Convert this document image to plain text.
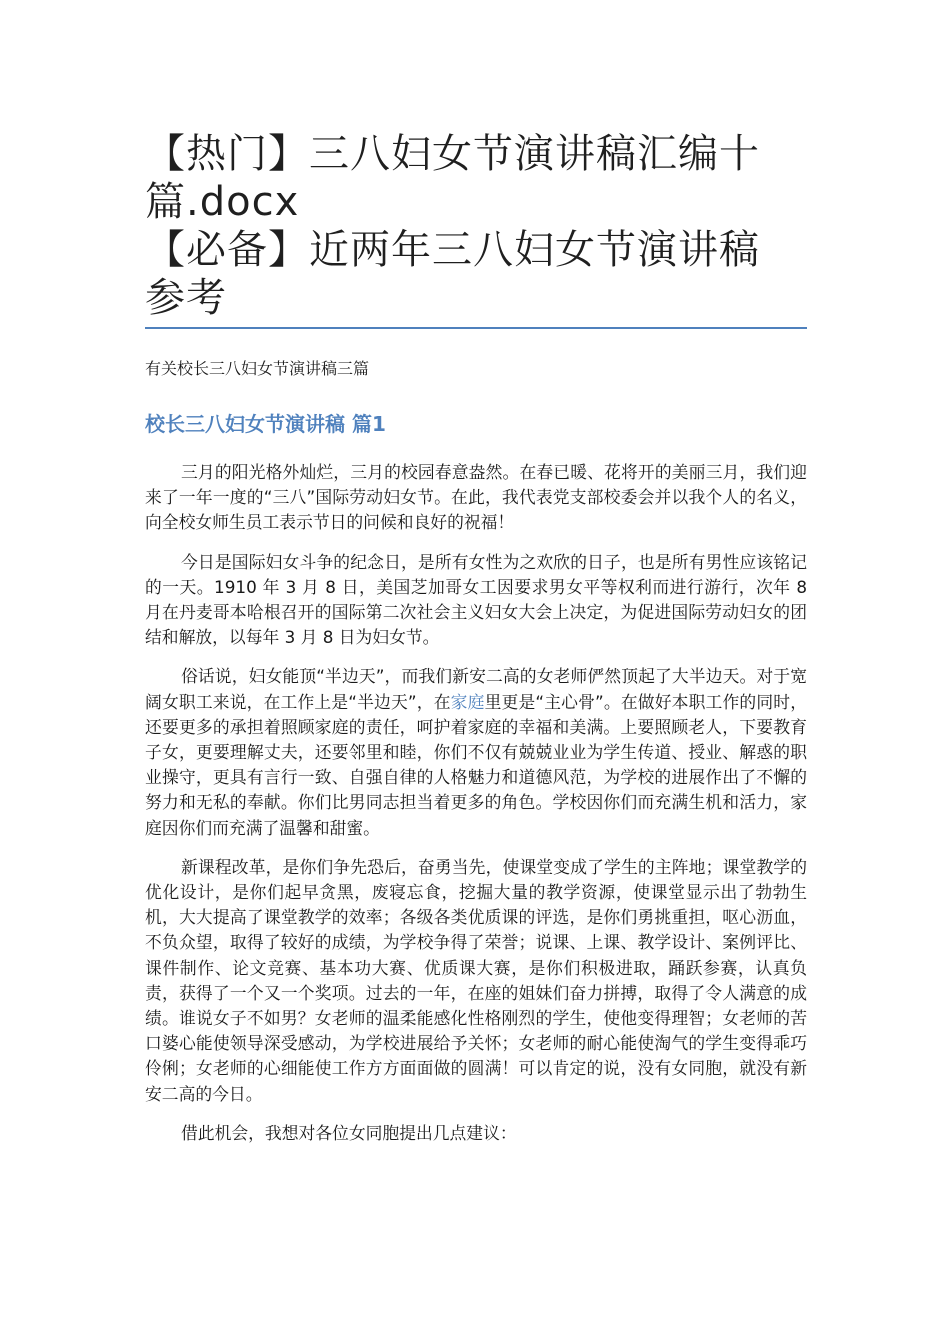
【热门】三八妇女节演讲稿汇编十
篇.docx
【必备】近两年三八妇女节演讲稿
参考
有关校长三八妇女节演讲稿三篇
校长三八妇女节演讲稿 篇1

三月的阳光格外灿烂，三月的校园春意盎然。在春已暖、花将开的美丽三月，我们迎来了一年一度的“三八”国际劳动妇女节。在此，我代表党支部校委会并以我个人的名义，向全校女师生员工表示节日的问候和良好的祝福！

今日是国际妇女斗争的纪念日，是所有女性为之欢欣的日子，也是所有男性应该铭记的一天。1910 年 3 月 8 日，美国芝加哥女工因要求男女平等权利而进行游行，次年 8 月在丹麦哥本哈根召开的国际第二次社会主义妇女大会上决定，为促进国际劳动妇女的团结和解放，以每年 3 月 8 日为妇女节。

俗话说，妇女能顶“半边天”，而我们新安二高的女老师俨然顶起了大半边天。对于宽阔女职工来说，在工作上是“半边天”，在家庭里更是“主心骨”。在做好本职工作的同时，还要更多的承担着照顾家庭的责任，呵护着家庭的幸福和美满。上要照顾老人，下要教育子女，更要理解丈夫，还要邻里和睦，你们不仅有兢兢业业为学生传道、授业、解惑的职业操守，更具有言行一致、自强自律的人格魅力和道德风范，为学校的进展作出了不懈的努力和无私的奉献。你们比男同志担当着更多的角色。学校因你们而充满生机和活力，家庭因你们而充满了温馨和甜蜜。

新课程改革，是你们争先恐后，奋勇当先，使课堂变成了学生的主阵地；课堂教学的优化设计，是你们起早贪黑，废寝忘食，挖掘大量的教学资源，使课堂显示出了勃勃生机，大大提高了课堂教学的效率；各级各类优质课的评选，是你们勇挑重担，呕心沥血，不负众望，取得了较好的成绩，为学校争得了荣誉；说课、上课、教学设计、案例评比、课件制作、论文竞赛、基本功大赛、优质课大赛，是你们积极进取，踊跃参赛，认真负责，获得了一个又一个奖项。过去的一年，在座的姐妹们奋力拼搏，取得了令人满意的成绩。谁说女子不如男？女老师的温柔能感化性格刚烈的学生，使他变得理智；女老师的苦口婆心能使领导深受感动，为学校进展给予关怀；女老师的耐心能使淘气的学生变得乖巧伶俐；女老师的心细能使工作方方面面做的圆满！可以肯定的说，没有女同胞，就没有新安二高的今日。

借此机会，我想对各位女同胞提出几点建议：
